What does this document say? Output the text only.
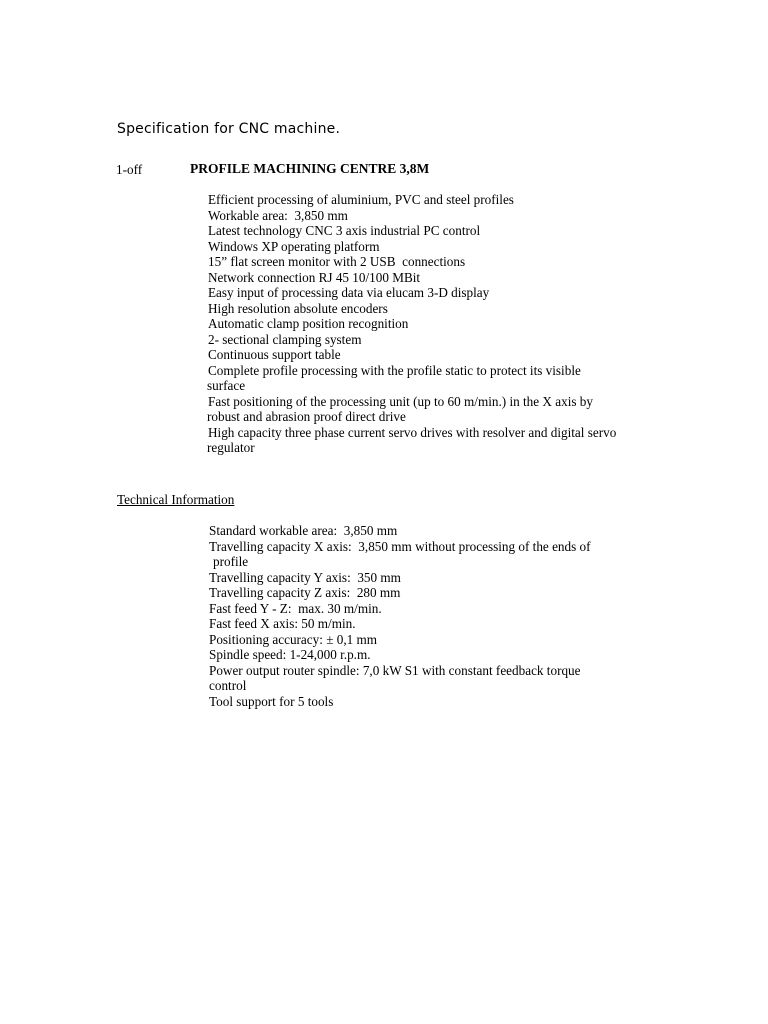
Specification for CNC machine.
1-off	PROFILE MACHINING CENTRE 3,8M
Efficient processing of aluminium, PVC and steel profiles
Workable area:  3,850 mm
Latest technology CNC 3 axis industrial PC control
Windows XP operating platform
15” flat screen monitor with 2 USB  connections
Network connection RJ 45 10/100 MBit
Easy input of processing data via elucam 3-D display
High resolution absolute encoders
Automatic clamp position recognition
2- sectional clamping system
Continuous support table
Complete profile processing with the profile static to protect its visible
surface
Fast positioning of the processing unit (up to 60 m/min.) in the X axis by
robust and abrasion proof direct drive
High capacity three phase current servo drives with resolver and digital servo
regulator
Technical Information
Standard workable area:  3,850 mm
Travelling capacity X axis:  3,850 mm without processing of the ends of
profile
Travelling capacity Y axis:  350 mm
Travelling capacity Z axis:  280 mm
Fast feed Y - Z:  max. 30 m/min.
Fast feed X axis: 50 m/min.
Positioning accuracy: ± 0,1 mm
Spindle speed: 1-24,000 r.p.m.
Power output router spindle: 7,0 kW S1 with constant feedback torque
control
Tool support for 5 tools
